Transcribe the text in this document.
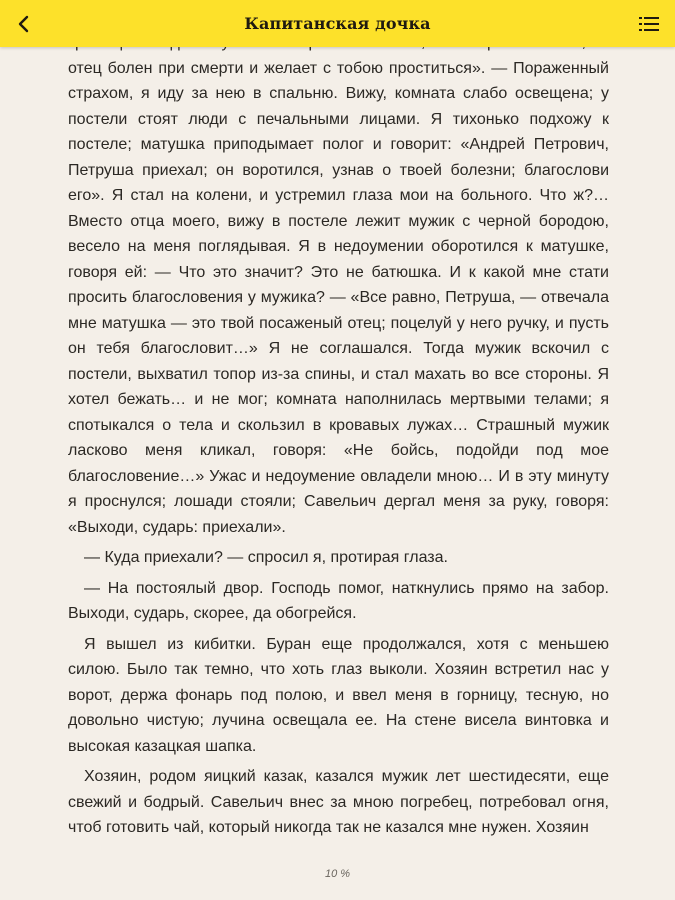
отец болен при смерти и желает с тобою проститься». — Пораженный страхом, я иду за нею в спальню. Вижу, комната слабо освещена; у постели стоят люди с печальными лицами. Я тихонько подхожу к постеле; матушка приподымает полог и говорит: «Андрей Петрович, Петруша приехал; он воротился, узнав о твоей болезни; благослови его». Я стал на колени, и устремил глаза мои на больного. Что ж?… Вместо отца моего, вижу в постеле лежит мужик с черной бородою, весело на меня поглядывая. Я в недоумении оборотился к матушке, говоря ей: — Что это значит? Это не батюшка. И к какой мне стати просить благословения у мужика? — «Все равно, Петруша, — отвечала мне матушка — это твой посаженый отец; поцелуй у него ручку, и пусть он тебя благословит…» Я не соглашался. Тогда мужик вскочил с постели, выхватил топор из-за спины, и стал махать во все стороны. Я хотел бежать… и не мог; комната наполнилась мертвыми телами; я спотыкался о тела и скользил в кровавых лужах… Страшный мужик ласково меня кликал, говоря: «Не бойсь, подойди под мое благословение…» Ужас и недоумение овладели мною… И в эту минуту я проснулся; лошади стояли; Савельич дергал меня за руку, говоря: «Выходи, сударь: приехали».

— Куда приехали? — спросил я, протирая глаза.

— На постоялый двор. Господь помог, наткнулись прямо на забор. Выходи, сударь, скорее, да обогрейся.

Я вышел из кибитки. Буран еще продолжался, хотя с меньшею силою. Было так темно, что хоть глаз выколи. Хозяин встретил нас у ворот, держа фонарь под полою, и ввел меня в горницу, тесную, но довольно чистую; лучина освещала ее. На стене висела винтовка и высокая казацкая шапка.

Хозяин, родом яицкий казак, казался мужик лет шестидесяти, еще свежий и бодрый. Савельич внес за мною погребец, потребовал огня, чтоб готовить чай, который никогда так не казался мне нужен. Хозяин

Капитанская дочка
10 %
